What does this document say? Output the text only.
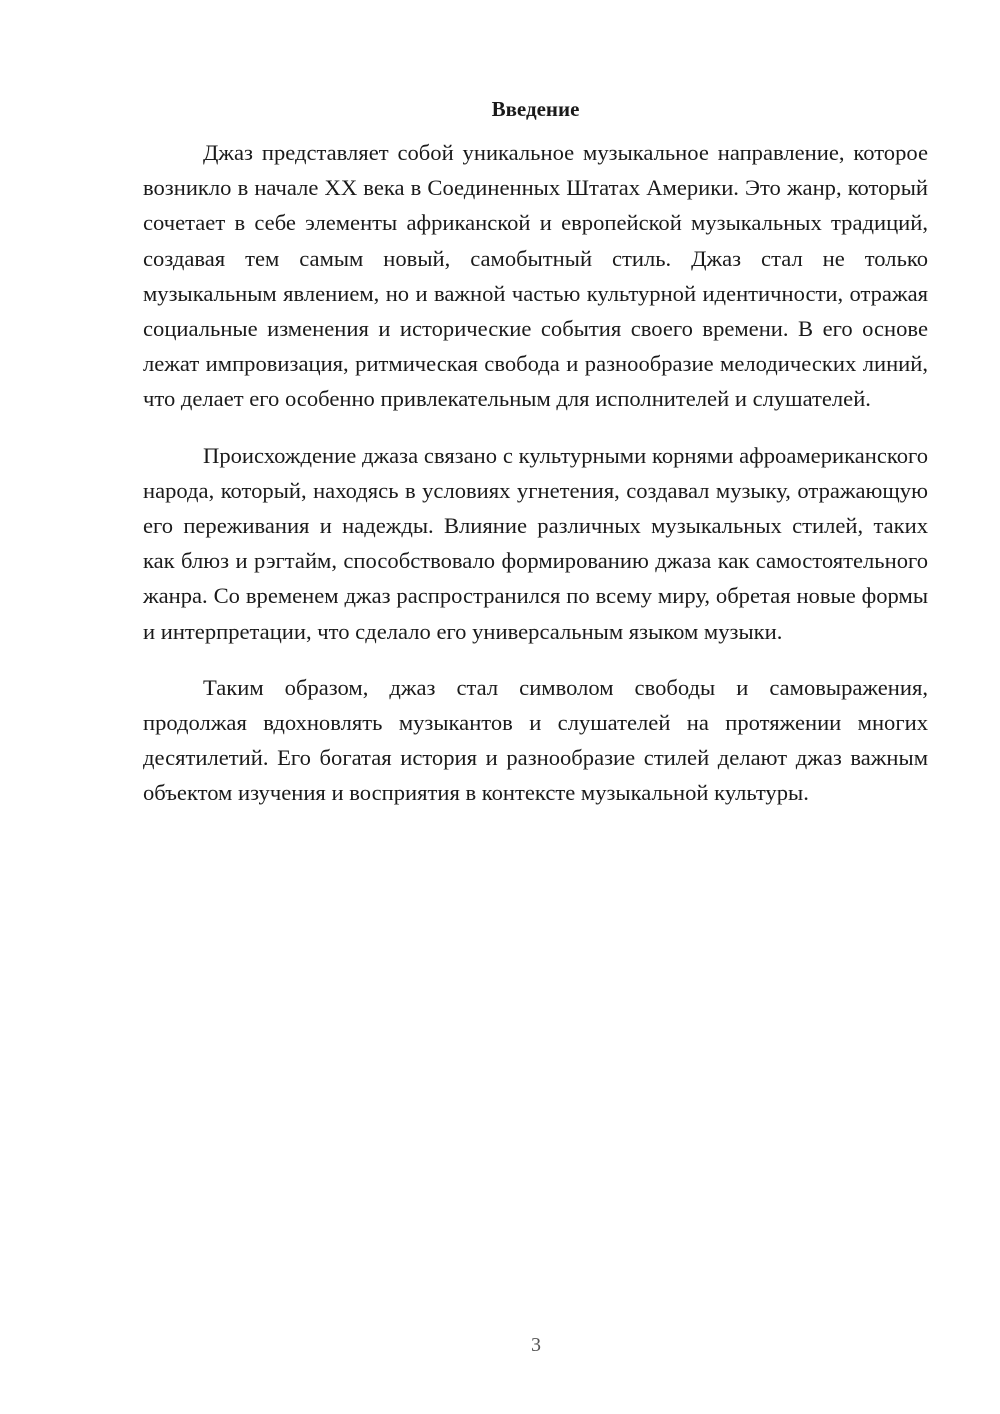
Введение

Джаз представляет собой уникальное музыкальное направление, которое возникло в начале XX века в Соединенных Штатах Америки. Это жанр, который сочетает в себе элементы африканской и европейской музыкальных традиций, создавая тем самым новый, самобытный стиль. Джаз стал не только музыкальным явлением, но и важной частью культурной идентичности, отражая социальные изменения и исторические события своего времени. В его основе лежат импровизация, ритмическая свобода и разнообразие мелодических линий, что делает его особенно привлекательным для исполнителей и слушателей.

Происхождение джаза связано с культурными корнями афроамериканского народа, который, находясь в условиях угнетения, создавал музыку, отражающую его переживания и надежды. Влияние различных музыкальных стилей, таких как блюз и рэгтайм, способствовало формированию джаза как самостоятельного жанра. Со временем джаз распространился по всему миру, обретая новые формы и интерпретации, что сделало его универсальным языком музыки.

Таким образом, джаз стал символом свободы и самовыражения, продолжая вдохновлять музыкантов и слушателей на протяжении многих десятилетий. Его богатая история и разнообразие стилей делают джаз важным объектом изучения и восприятия в контексте музыкальной культуры.

3
